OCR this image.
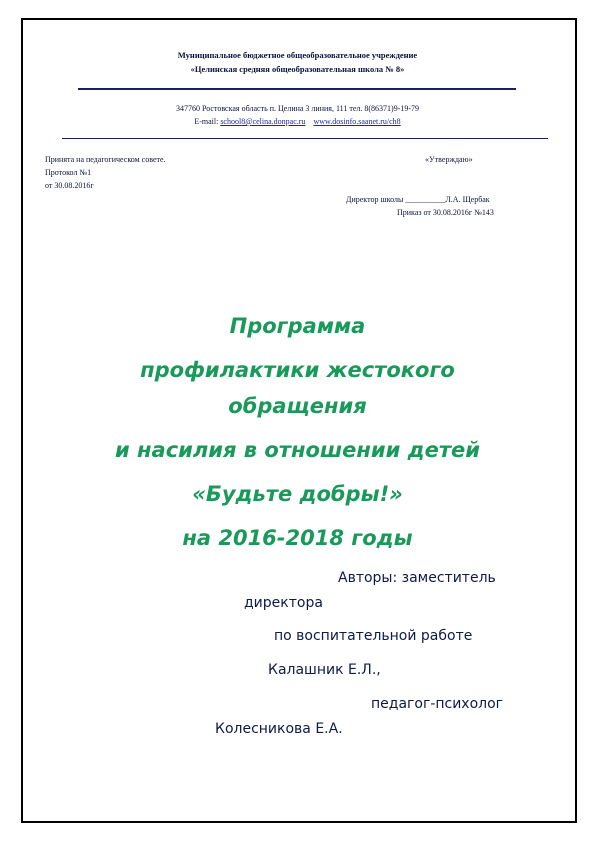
Муниципальное бюджетное общеобразовательное учреждение
«Целинская средняя общеобразовательная школа № 8»
347760 Ростовская область п. Целина 3 линия, 111 тел. 8(86371)9-19-79
E-mail: school8@celina.donpac.ru www.dosinfo.saanet.ru/ch8
Принята на педагогическом совете.
Протокол №1
от 30.08.2016г
«Утверждаю»
Директор школы __________Л.А. Щербак
Приказ от 30.08.2016г №143
Программа
профилактики жестокого
обращения
и насилия в отношении детей
«Будьте добры!»
на 2016-2018 годы
Авторы: заместитель
директора
по воспитательной работе
Калашник Е.Л.,
педагог-психолог
Колесникова Е.А.
